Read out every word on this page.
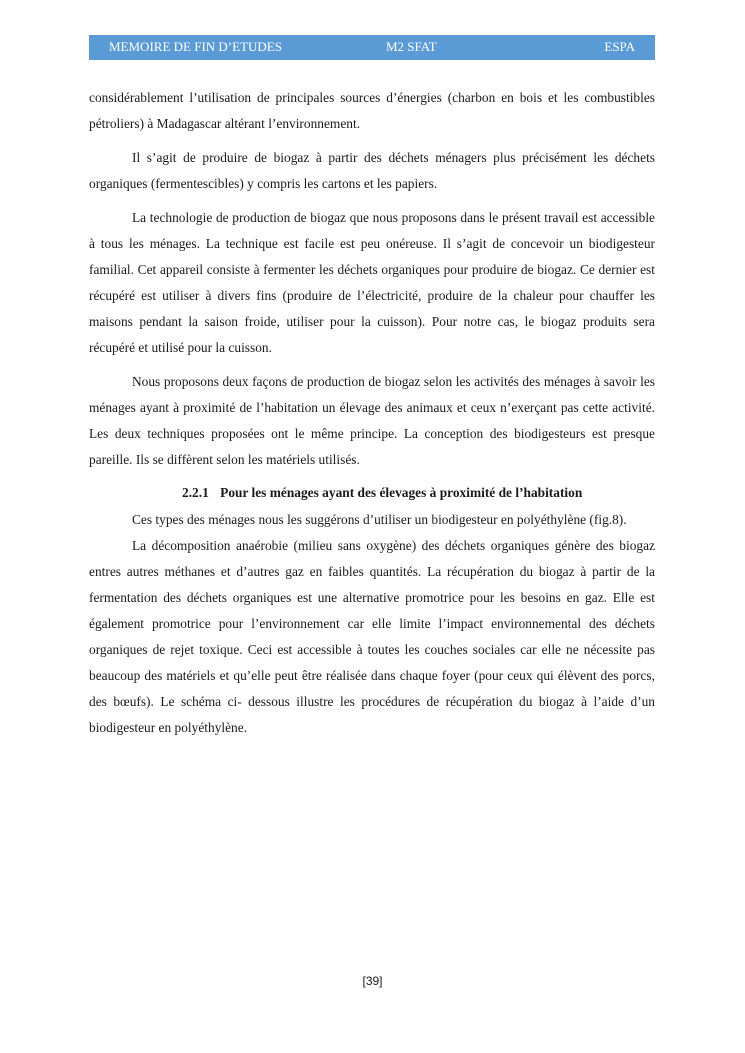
MEMOIRE DE FIN D’ETUDES	M2 SFAT	ESPA

considérablement l’utilisation de principales sources d’énergies (charbon en bois et les combustibles pétroliers) à Madagascar altérant l’environnement.

Il s’agit de produire de biogaz à partir des déchets ménagers plus précisément les déchets organiques (fermentescibles) y compris les cartons et les papiers.

La technologie de production de biogaz que nous proposons dans le présent travail est accessible à tous les ménages. La technique est facile est peu onéreuse. Il s’agit de concevoir un biodigesteur familial. Cet appareil consiste à fermenter les déchets organiques pour produire de biogaz. Ce dernier est récupéré est utiliser à divers fins (produire de l’électricité, produire de la chaleur pour chauffer les maisons pendant la saison froide, utiliser pour la cuisson). Pour notre cas, le biogaz produits sera récupéré et utilisé pour la cuisson.

Nous proposons deux façons de production de biogaz selon les activités des ménages à savoir les ménages ayant à proximité de l’habitation un élevage des animaux et ceux n’exerçant pas cette activité. Les deux techniques proposées ont le même principe. La conception des biodigesteurs est presque pareille. Ils se diffèrent selon les matériels utilisés.

2.2.1 Pour les ménages ayant des élevages à proximité de l’habitation

Ces types des ménages nous les suggérons d’utiliser un biodigesteur en polyéthylène (fig.8).

La décomposition anaérobie (milieu sans oxygène) des déchets organiques génère des biogaz entres autres méthanes et d’autres gaz en faibles quantités. La récupération du biogaz à partir de la fermentation des déchets organiques est une alternative promotrice pour les besoins en gaz. Elle est également promotrice pour l’environnement car elle limite l’impact environnemental des déchets organiques de rejet toxique. Ceci est accessible à toutes les couches sociales car elle ne nécessite pas beaucoup des matériels et qu’elle peut être réalisée dans chaque foyer (pour ceux qui élèvent des porcs, des bœufs). Le schéma ci- dessous illustre les procédures de récupération du biogaz à l’aide d’un biodigesteur en polyéthylène.

[39]
